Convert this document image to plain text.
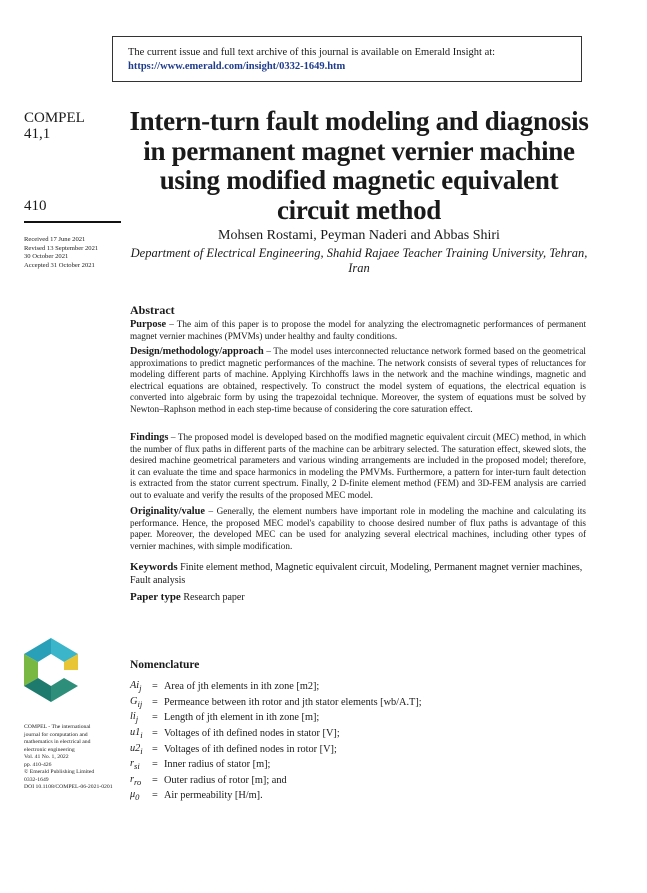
The current issue and full text archive of this journal is available on Emerald Insight at:
https://www.emerald.com/insight/0332-1649.htm
COMPEL
41,1
410
Received 17 June 2021
Revised 13 September 2021
30 October 2021
Accepted 31 October 2021
Intern-turn fault modeling and diagnosis in permanent magnet vernier machine using modified magnetic equivalent circuit method
Mohsen Rostami, Peyman Naderi and Abbas Shiri
Department of Electrical Engineering, Shahid Rajaee Teacher Training University, Tehran, Iran
Abstract
Purpose – The aim of this paper is to propose the model for analyzing the electromagnetic performances of permanent magnet vernier machines (PMVMs) under healthy and faulty conditions.
Design/methodology/approach – The model uses interconnected reluctance network formed based on the geometrical approximations to predict magnetic performances of the machine. The network consists of several types of reluctances for modeling different parts of machine. Applying Kirchhoffs laws in the network and the machine windings, magnetic and electrical equations are obtained, respectively. To construct the model system of equations, the electrical equation is converted into algebraic form by using the trapezoidal technique. Moreover, the system of equations must be solved by Newton–Raphson method in each step-time because of considering the core saturation effect.
Findings – The proposed model is developed based on the modified magnetic equivalent circuit (MEC) method, in which the number of flux paths in different parts of the machine can be arbitrary selected. The saturation effect, skewed slots, the desired machine geometrical parameters and various winding arrangements are included in the proposed model; therefore, it can evaluate the time and space harmonics in modeling the PMVMs. Furthermore, a pattern for inter-turn fault detection is extracted from the stator current spectrum. Finally, 2 D-finite element method (FEM) and 3D-FEM analysis are carried out to evaluate and verify the results of the proposed MEC model.
Originality/value – Generally, the element numbers have important role in modeling the machine and calculating its performance. Hence, the proposed MEC model's capability to choose desired number of flux paths is advantage of this paper. Moreover, the developed MEC can be used for analyzing several electrical machines, including other types of vernier machines, with simple modification.
Keywords Finite element method, Magnetic equivalent circuit, Modeling, Permanent magnet vernier machines, Fault analysis
Paper type Research paper
COMPEL - The international
journal for computation and
mathematics in electrical and
electronic engineering
Vol. 41 No. 1, 2022
pp. 410-426
© Emerald Publishing Limited
0332-1649
DOI 10.1108/COMPEL-06-2021-0201
Nomenclature
$Ai_j$	= Area of jth elements in ith zone [m2];
$G_{ij}$ = Permeance between ith rotor and jth stator elements [wb/A.T];
$li_j$	= Length of jth element in ith zone [m];
$u1_i$ = Voltages of ith defined nodes in stator [V];
$u2_i$ = Voltages of ith defined nodes in rotor [V];
$r_{si}$	= Inner radius of stator [m];
$r_{ro}$	= Outer radius of rotor [m]; and
$\mu_0$	= Air permeability [H/m].
